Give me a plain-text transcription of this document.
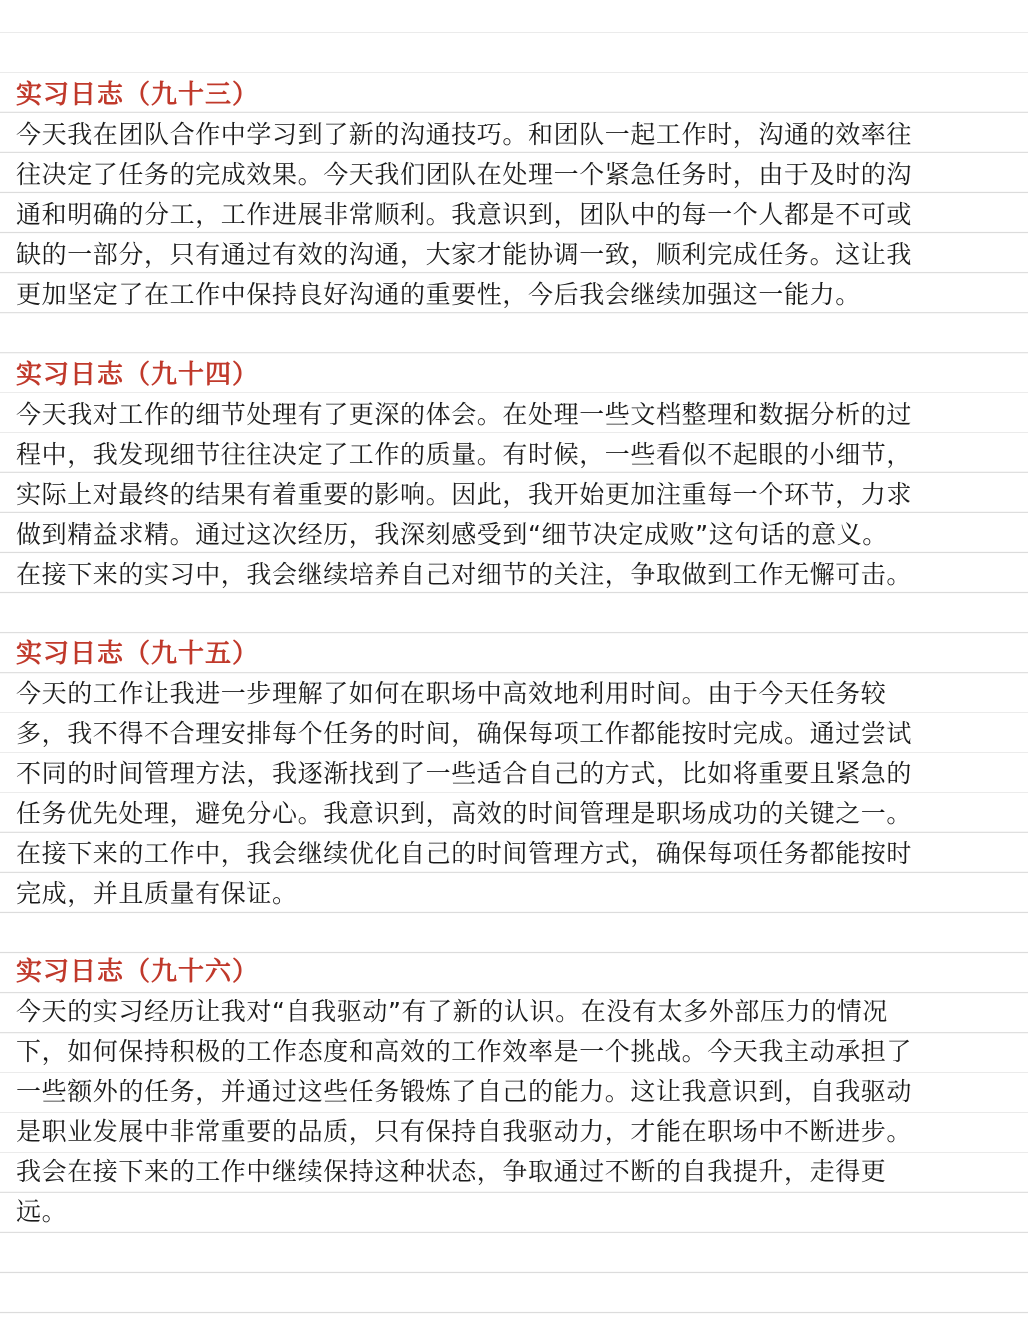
实习日志（九十三）
今天我在团队合作中学习到了新的沟通技巧。和团队一起工作时，沟通的效率往
往决定了任务的完成效果。今天我们团队在处理一个紧急任务时，由于及时的沟
通和明确的分工，工作进展非常顺利。我意识到，团队中的每一个人都是不可或
缺的一部分，只有通过有效的沟通，大家才能协调一致，顺利完成任务。这让我
更加坚定了在工作中保持良好沟通的重要性，今后我会继续加强这一能力。
实习日志（九十四）
今天我对工作的细节处理有了更深的体会。在处理一些文档整理和数据分析的过
程中，我发现细节往往决定了工作的质量。有时候，一些看似不起眼的小细节，
实际上对最终的结果有着重要的影响。因此，我开始更加注重每一个环节，力求
做到精益求精。通过这次经历，我深刻感受到“细节决定成败”这句话的意义。
在接下来的实习中，我会继续培养自己对细节的关注，争取做到工作无懈可击。
实习日志（九十五）
今天的工作让我进一步理解了如何在职场中高效地利用时间。由于今天任务较
多，我不得不合理安排每个任务的时间，确保每项工作都能按时完成。通过尝试
不同的时间管理方法，我逐渐找到了一些适合自己的方式，比如将重要且紧急的
任务优先处理，避免分心。我意识到，高效的时间管理是职场成功的关键之一。
在接下来的工作中，我会继续优化自己的时间管理方式，确保每项任务都能按时
完成，并且质量有保证。
实习日志（九十六）
今天的实习经历让我对“自我驱动”有了新的认识。在没有太多外部压力的情况
下，如何保持积极的工作态度和高效的工作效率是一个挑战。今天我主动承担了
一些额外的任务，并通过这些任务锻炼了自己的能力。这让我意识到，自我驱动
是职业发展中非常重要的品质，只有保持自我驱动力，才能在职场中不断进步。
我会在接下来的工作中继续保持这种状态，争取通过不断的自我提升，走得更
远。
